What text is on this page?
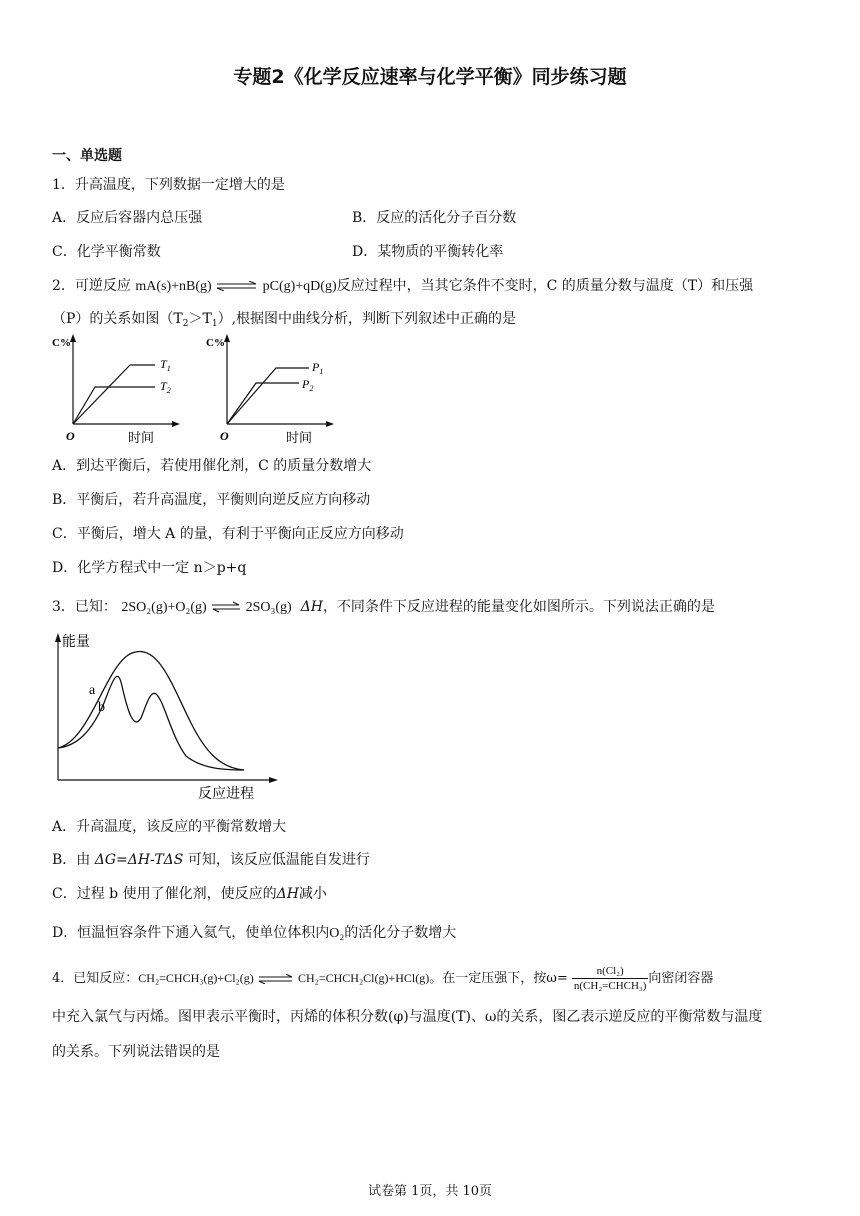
专题2《化学反应速率与化学平衡》同步练习题
一、单选题
1．升高温度，下列数据一定增大的是
A．反应后容器内总压强	B．反应的活化分子百分数
C．化学平衡常数	D．某物质的平衡转化率
2．可逆反应 mA(s)+nB(g) ⇌ pC(g)+qD(g)反应过程中，当其它条件不变时，C 的质量分数与温度（T）和压强
（P）的关系如图$(T_2>T_1)$,根据图中曲线分析，判断下列叙述中正确的是
C%
O	时间
$T_1$
$T_2$
C%
O	时间
$P_1$
$P_2$
A．到达平衡后，若使用催化剂，C 的质量分数增大
B．平衡后，若升高温度，平衡则向逆反应方向移动
C．平衡后，增大 A 的量，有利于平衡向正反应方向移动
D．化学方程式中一定 n＞p+q
3．已知： 2SO₂(g)+O₂(g) ⇌ 2SO₃(g) ΔH，不同条件下反应进程的能量变化如图所示。下列说法正确的是
能量
a
b
反应进程
A．升高温度，该反应的平衡常数增大
B．由 ΔG=ΔH-TΔS 可知，该反应低温能自发进行
C．过程 b 使用了催化剂，使反应的ΔH减小
D．恒温恒容条件下通入氦气，使单位体积内O₂的活化分子数增大
4．已知反应：CH₂=CHCH₃(g)+Cl₂(g) ⇌ CH₂=CHCH₂Cl(g)+HCl(g)。在一定压强下，按$\omega= \frac{\text{n(Cl₂)}}{\text{n(CH₂=CHCH₃)}}$ 向密闭容器
中充入氯气与丙烯。图甲表示平衡时，丙烯的体积分数(φ)与温度(T)、ω的关系，图乙表示逆反应的平衡常数与温度
的关系。下列说法错误的是
试卷第 1页，共 10页
